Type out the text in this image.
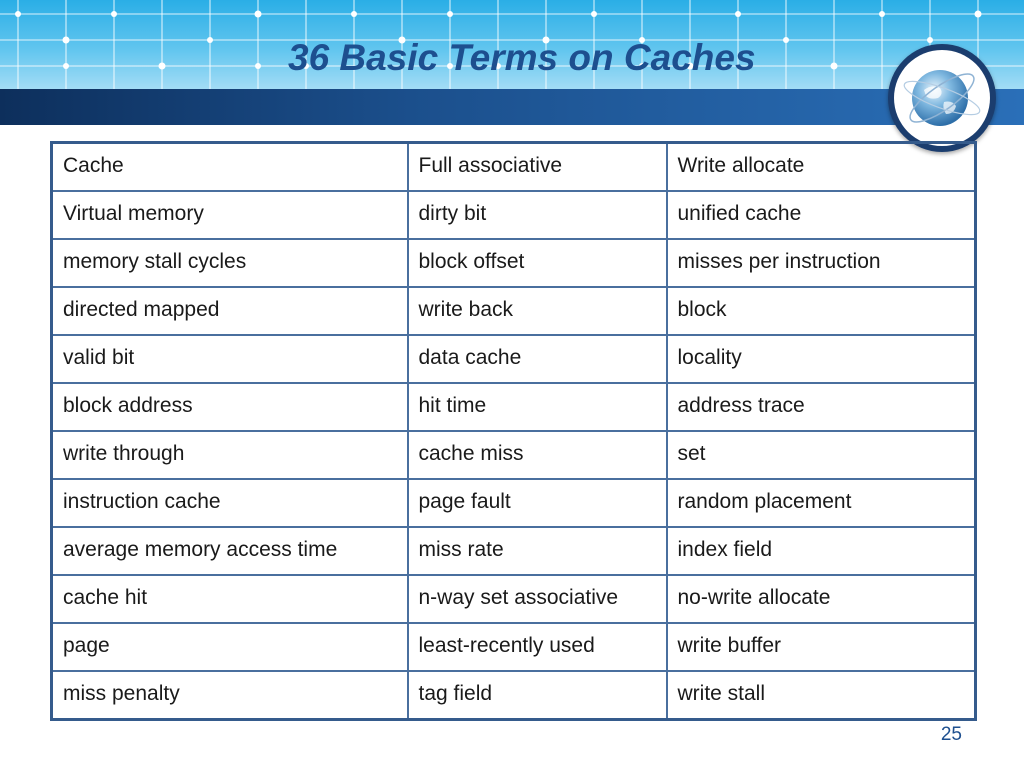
36 Basic Terms on Caches
Cache	Full associative	Write allocate
Virtual memory	dirty bit	unified cache
memory stall cycles	block offset	misses per instruction
directed mapped	write back	block
valid bit	data cache	locality
block address	hit time	address trace
write through	cache miss	set
instruction cache	page fault	random placement
average memory access time	miss rate	index field
cache hit	n-way set associative	no-write allocate
page	least-recently used	write buffer
miss penalty	tag field	write stall
25
